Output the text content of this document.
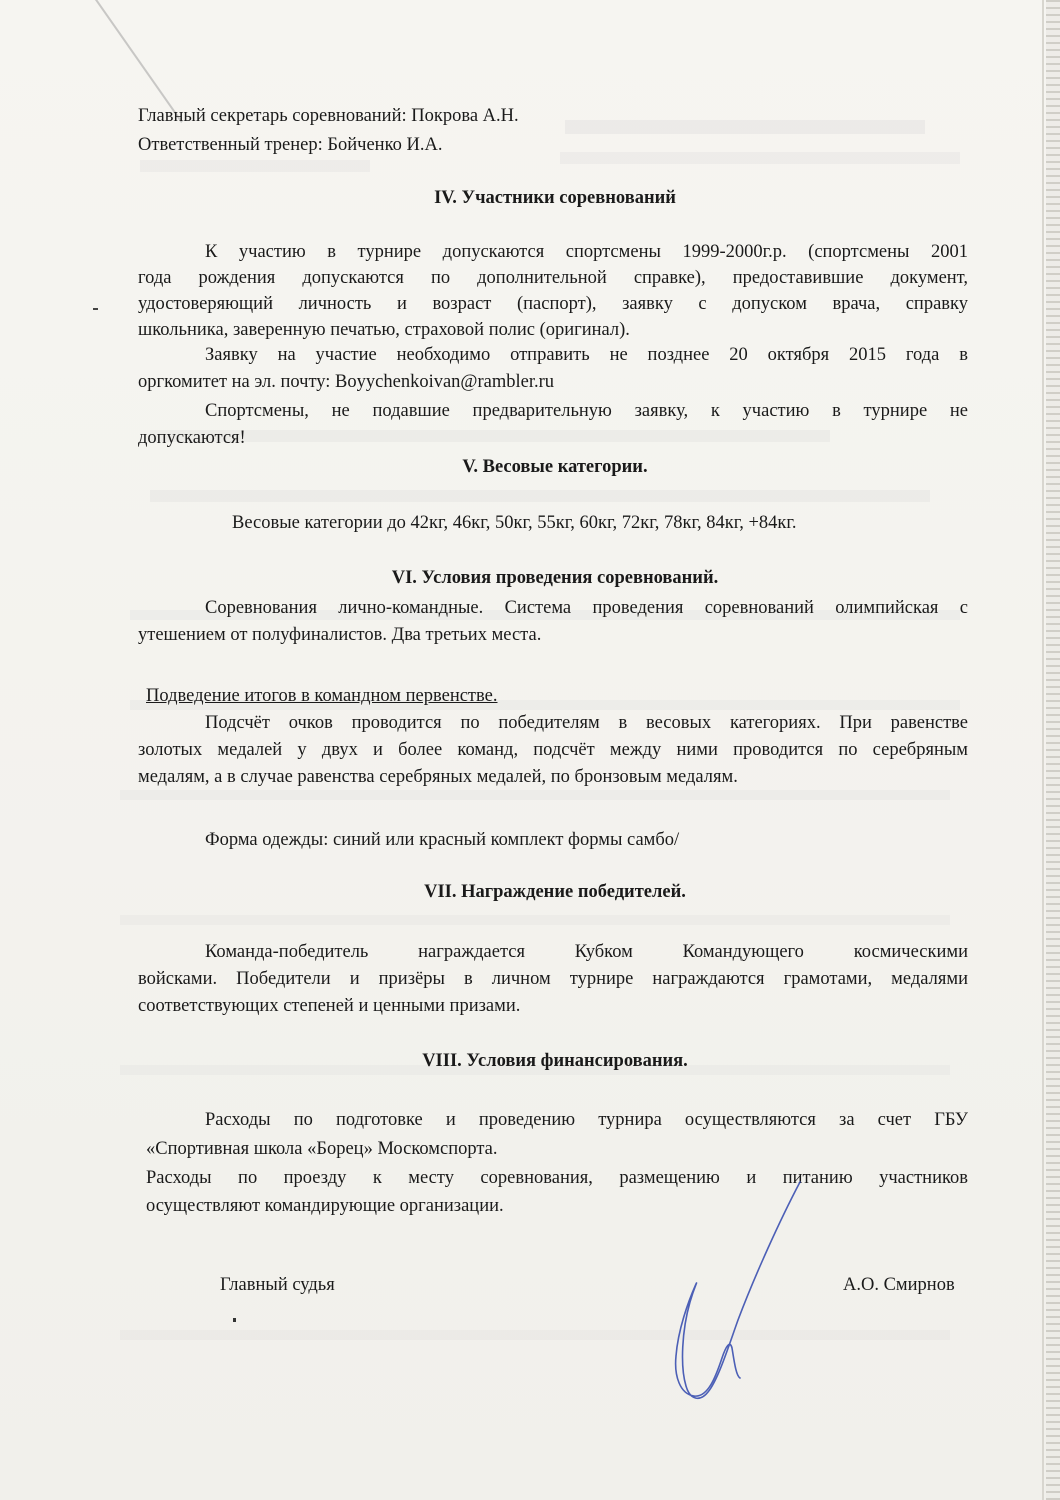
Главный секретарь соревнований: Покрова А.Н.
Ответственный тренер: Бойченко И.А.
IV. Участники соревнований
К участию в турнире допускаются спортсмены 1999-2000г.р. (спортсмены 2001
года рождения допускаются по дополнительной справке), предоставившие документ,
удостоверяющий личность и возраст (паспорт), заявку с допуском врача, справку
школьника, заверенную печатью, страховой полис (оригинал).
Заявку на участие необходимо отправить не позднее 20 октября 2015 года в
оргкомитет на эл. почту: Boyychenkoivan@rambler.ru
Спортсмены, не подавшие предварительную заявку, к участию в турнире не
допускаются!
V. Весовые категории.
Весовые категории до 42кг, 46кг, 50кг, 55кг, 60кг, 72кг, 78кг, 84кг, +84кг.
VI. Условия проведения соревнований.
Соревнования лично-командные. Система проведения соревнований олимпийская с
утешением от полуфиналистов. Два третьих места.
Подведение итогов в командном первенстве.
Подсчёт очков проводится по победителям в весовых категориях. При равенстве
золотых медалей у двух и более команд, подсчёт между ними проводится по серебряным
медалям, а в случае равенства серебряных медалей, по бронзовым медалям.
Форма одежды: синий или красный комплект формы самбо/
VII. Награждение победителей.
Команда-победитель награждается Кубком Командующего космическими
войсками. Победители и призёры в личном турнире награждаются грамотами, медалями
соответствующих степеней и ценными призами.
VIII. Условия финансирования.
Расходы по подготовке и проведению турнира осуществляются за счет ГБУ
«Спортивная школа «Борец» Москомспорта.
Расходы по проезду к месту соревнования, размещению и питанию участников
осуществляют командирующие организации.
Главный судья	А.О. Смирнов
